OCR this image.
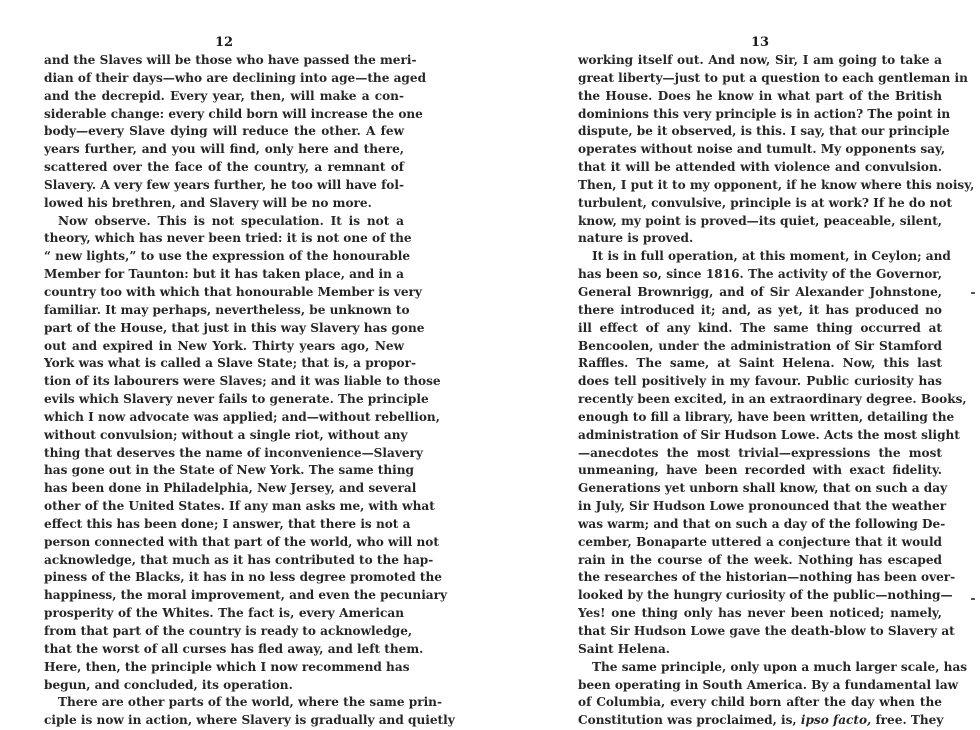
12
and the Slaves will be those who have passed the meri-
dian of their days—who are declining into age—the aged
and the decrepid. Every year, then, will make a con-
siderable change: every child born will increase the one
body—every Slave dying will reduce the other. A few
years further, and you will find, only here and there,
scattered over the face of the country, a remnant of
Slavery. A very few years further, he too will have fol-
lowed his brethren, and Slavery will be no more.
Now observe. This is not speculation. It is not a
theory, which has never been tried: it is not one of the
“ new lights,” to use the expression of the honourable
Member for Taunton: but it has taken place, and in a
country too with which that honourable Member is very
familiar. It may perhaps, nevertheless, be unknown to
part of the House, that just in this way Slavery has gone
out and expired in New York. Thirty years ago, New
York was what is called a Slave State; that is, a propor-
tion of its labourers were Slaves; and it was liable to those
evils which Slavery never fails to generate. The principle
which I now advocate was applied; and—without rebellion,
without convulsion; without a single riot, without any
thing that deserves the name of inconvenience—Slavery
has gone out in the State of New York. The same thing
has been done in Philadelphia, New Jersey, and several
other of the United States. If any man asks me, with what
effect this has been done; I answer, that there is not a
person connected with that part of the world, who will not
acknowledge, that much as it has contributed to the hap-
piness of the Blacks, it has in no less degree promoted the
happiness, the moral improvement, and even the pecuniary
prosperity of the Whites. The fact is, every American
from that part of the country is ready to acknowledge,
that the worst of all curses has fled away, and left them.
Here, then, the principle which I now recommend has
begun, and concluded, its operation.
There are other parts of the world, where the same prin-
ciple is now in action, where Slavery is gradually and quietly
13
working itself out. And now, Sir, I am going to take a
great liberty—just to put a question to each gentleman in
the House. Does he know in what part of the British
dominions this very principle is in action? The point in
dispute, be it observed, is this. I say, that our principle
operates without noise and tumult. My opponents say,
that it will be attended with violence and convulsion.
Then, I put it to my opponent, if he know where this noisy,
turbulent, convulsive, principle is at work? If he do not
know, my point is proved—its quiet, peaceable, silent,
nature is proved.
It is in full operation, at this moment, in Ceylon; and
has been so, since 1816. The activity of the Governor,
General Brownrigg, and of Sir Alexander Johnstone,
there introduced it; and, as yet, it has produced no
ill effect of any kind. The same thing occurred at
Bencoolen, under the administration of Sir Stamford
Raffles. The same, at Saint Helena. Now, this last
does tell positively in my favour. Public curiosity has
recently been excited, in an extraordinary degree. Books,
enough to fill a library, have been written, detailing the
administration of Sir Hudson Lowe. Acts the most slight
—anecdotes the most trivial—expressions the most
unmeaning, have been recorded with exact fidelity.
Generations yet unborn shall know, that on such a day
in July, Sir Hudson Lowe pronounced that the weather
was warm; and that on such a day of the following De-
cember, Bonaparte uttered a conjecture that it would
rain in the course of the week. Nothing has escaped
the researches of the historian—nothing has been over-
looked by the hungry curiosity of the public—nothing—
Yes! one thing only has never been noticed; namely,
that Sir Hudson Lowe gave the death-blow to Slavery at
Saint Helena.
The same principle, only upon a much larger scale, has
been operating in South America. By a fundamental law
of Columbia, every child born after the day when the
Constitution was proclaimed, is, ipso facto, free. They
